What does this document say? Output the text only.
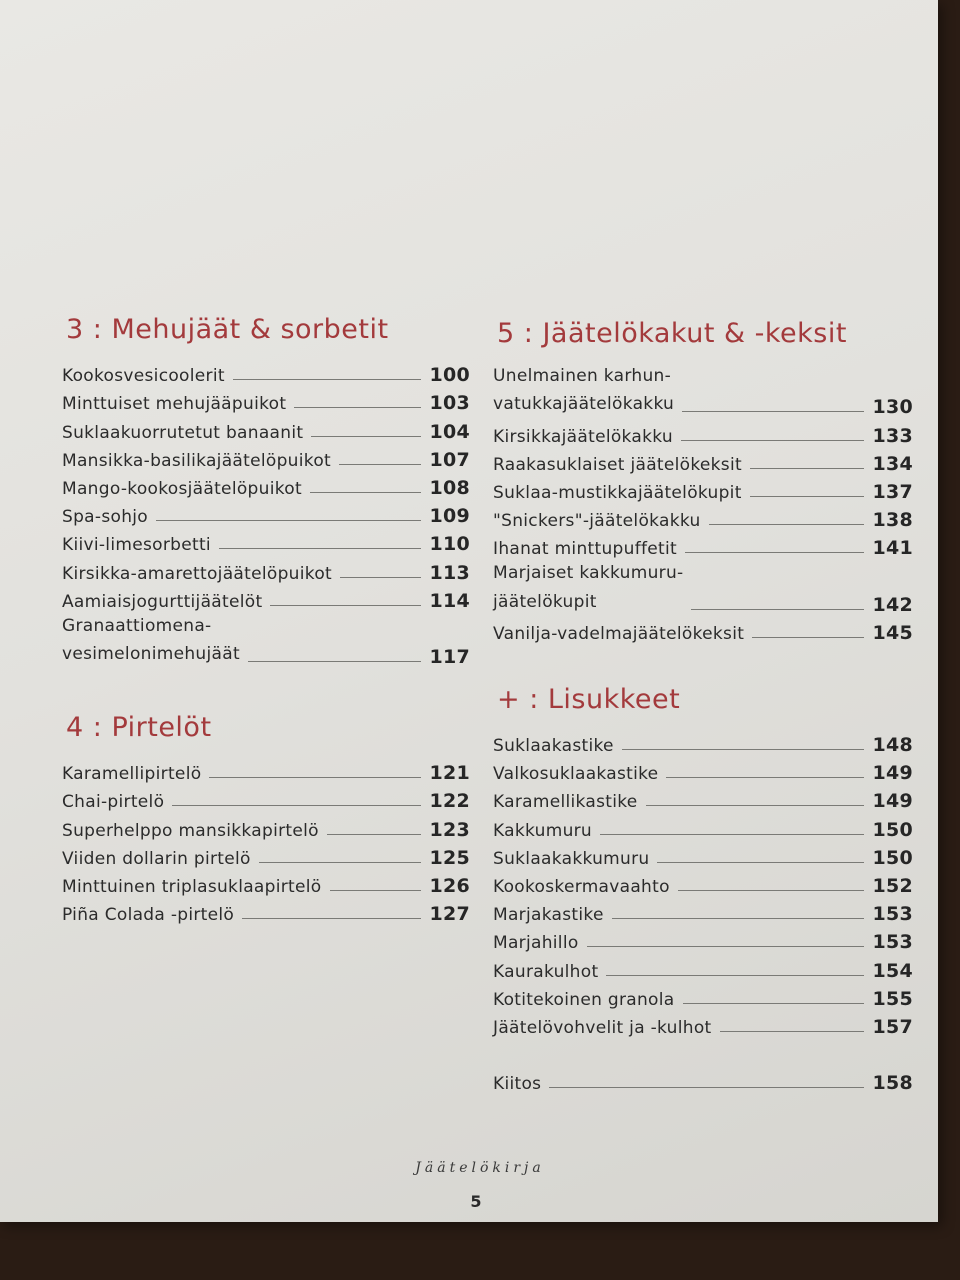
3 : Mehujäät & sorbetit
Kookosvesicoolerit	100
Minttuiset mehujääpuikot	103
Suklaakuorrutetut banaanit	104
Mansikka-basilikajäätelöpuikot	107
Mango-kookosjäätelöpuikot	108
Spa-sohjo	109
Kiivi-limesorbetti	110
Kirsikka-amarettojäätelöpuikot	113
Aamiaisjogurttijäätelöt	114
Granaattiomena-
vesimelonimehujäät	117
4 : Pirtelöt
Karamellipirtelö	121
Chai-pirtelö	122
Superhelppo mansikkapirtelö	123
Viiden dollarin pirtelö	125
Minttuinen triplasuklaapirtelö	126
Piña Colada -pirtelö	127
5 : Jäätelökakut & -keksit
Unelmainen karhun-
vatukkajäätelökakku	130
Kirsikkajäätelökakku	133
Raakasuklaiset jäätelökeksit	134
Suklaa-mustikkajäätelökupit	137
"Snickers"-jäätelökakku	138
Ihanat minttupuffetit	141
Marjaiset kakkumuru-
jäätelökupit	142
Vanilja-vadelmajäätelökeksit	145
+ : Lisukkeet
Suklaakastike	148
Valkosuklaakastike	149
Karamellikastike	149
Kakkumuru	150
Suklaakakkumuru	150
Kookoskermavaahto	152
Marjakastike	153
Marjahillo	153
Kaurakulhot	154
Kotitekoinen granola	155
Jäätelövohvelit ja -kulhot	157
Kiitos	158
Jäätelökirja
5
